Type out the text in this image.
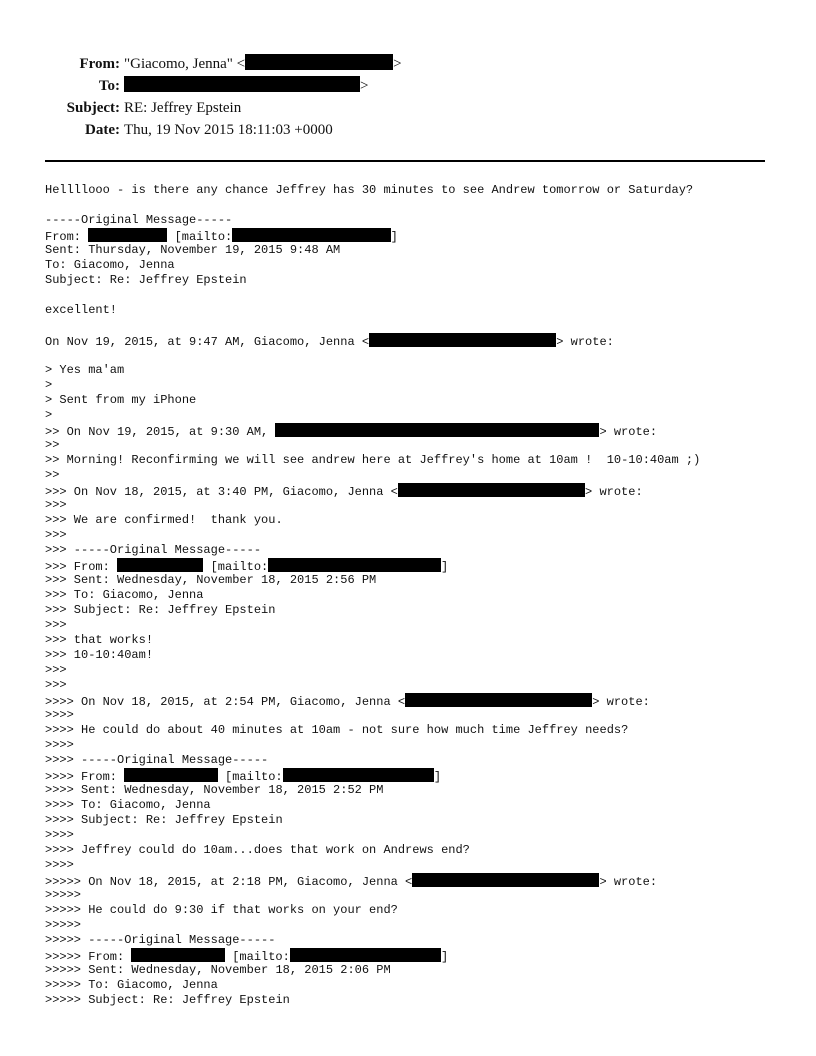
From: "Giacomo, Jenna" <	>
To:	>
Subject: RE: Jeffrey Epstein
Date: Thu, 19 Nov 2015 18:11:03 +0000
Hellllooo - is there any chance Jeffrey has 30 minutes to see Andrew tomorrow or Saturday?
-----Original Message-----
From:	[mailto:	]
Sent: Thursday, November 19, 2015 9:48 AM
To: Giacomo, Jenna
Subject: Re: Jeffrey Epstein
excellent!
On Nov 19, 2015, at 9:47 AM, Giacomo, Jenna <	> wrote:
> Yes ma'am
>
> Sent from my iPhone
>
>> On Nov 19, 2015, at 9:30 AM,	> wrote:
>>
>> Morning! Reconfirming we will see andrew here at Jeffrey's home at 10am !  10-10:40am ;)
>>
>>> On Nov 18, 2015, at 3:40 PM, Giacomo, Jenna <	> wrote:
>>>
>>> We are confirmed!  thank you.
>>>
>>> -----Original Message-----
>>> From:	[mailto:	]
>>> Sent: Wednesday, November 18, 2015 2:56 PM
>>> To: Giacomo, Jenna
>>> Subject: Re: Jeffrey Epstein
>>>
>>> that works!
>>> 10-10:40am!
>>>
>>>
>>>> On Nov 18, 2015, at 2:54 PM, Giacomo, Jenna <	> wrote:
>>>>
>>>> He could do about 40 minutes at 10am - not sure how much time Jeffrey needs?
>>>>
>>>> -----Original Message-----
>>>> From:	[mailto:	]
>>>> Sent: Wednesday, November 18, 2015 2:52 PM
>>>> To: Giacomo, Jenna
>>>> Subject: Re: Jeffrey Epstein
>>>>
>>>> Jeffrey could do 10am...does that work on Andrews end?
>>>>
>>>>> On Nov 18, 2015, at 2:18 PM, Giacomo, Jenna <	> wrote:
>>>>>
>>>>> He could do 9:30 if that works on your end?
>>>>>
>>>>> -----Original Message-----
>>>>> From:	[mailto:	]
>>>>> Sent: Wednesday, November 18, 2015 2:06 PM
>>>>> To: Giacomo, Jenna
>>>>> Subject: Re: Jeffrey Epstein
